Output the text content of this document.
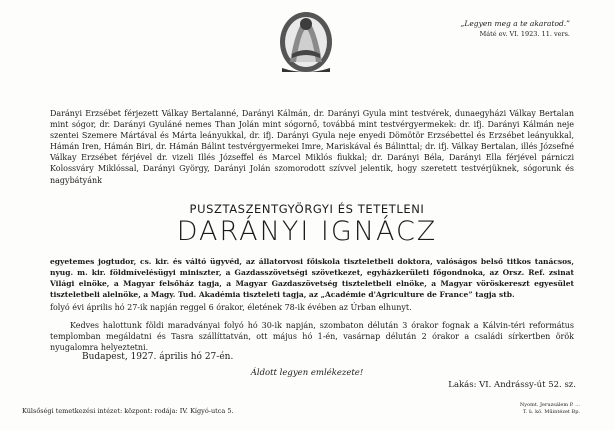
„Legyen meg a te akaratod.”
Máté ev. VI. 1923. 11. vers.
Darányi Erzsébet férjezett Válkay Bertalanné, Darányi Kálmán, dr. Darányi Gyula mint testvérek, dunaegyházi Válkay Bertalan mint sógor, dr. Darányi Gyuláné nemes Than Jolán mint sógornő, továbbá mint testvérgyermekek: dr. ifj. Darányi Kálmán neje szentei Szemere Mártával és Márta leányukkal, dr. ifj. Darányi Gyula neje enyedi Dömötör Erzsébettel és Erzsébet leányukkal, Hámán Iren, Hámán Biri, dr. Hámán Bálint testvérgyermekei Imre, Mariskával és Bálinttal; dr. ifj. Válkay Bertalan, illés Józsefné Válkay Erzsébet férjével dr. vizeli Illés Józseffel és Marcel Miklós fiukkal; dr. Darányi Béla, Darányi Ella férjével párniczi Kolossváry Miklóssal, Darányi György, Darányi Jolán szomorodott szívvel jelentik, hogy szeretett testvérjüknek, sógorunk és nagybátyánk
PUSZTASZENTGYÖRGYI ÉS TETETLENI
DARÁNYI IGNÁCZ
egyetemes jogtudor, cs. kir. és váltó ügyvéd, az állatorvosi főiskola tiszteletbeli doktora, valóságos belső titkos tanácsos, nyug. m. kir. földmívelésügyi miniszter, a Gazdasszövetségi szövetkezet, egyházkerületi főgondnoka, az Orsz. Ref. zsinat Világi elnöke, a Magyar felsőház tagja, a Magyar Gazdaszövetség tiszteletbeli elnöke, a Magyar vöröskereszt egyesület tiszteletbeli alelnöke, a Magy. Tud. Akadémia tiszteleti tagja, az „Académie d'Agriculture de France” tagja stb.
folyó évi április hó 27-ik napján reggel 6 órakor, életének 78-ik évében az Úrban elhunyt.
Kedves halottunk földi maradványai folyó hó 30-ik napján, szombaton délután 3 órakor fognak a Kálvin-téri református templomban megáldatni és Tasra szállíttatván, ott május hó 1-én, vasárnap délután 2 órakor a családi sírkertben örök nyugalomra helyeztetni.
Budapest, 1927. április hó 27-én.
Áldott legyen emlékezete!
Lakás: VI. Andrássy-út 52. sz.
Külsőségi temetkezési intézet: központ: rodája: IV. Kígyó-utca 5.
Nyomt. Jeruzsálem P. ...
T. ü. kö. Műintézet Bp.
